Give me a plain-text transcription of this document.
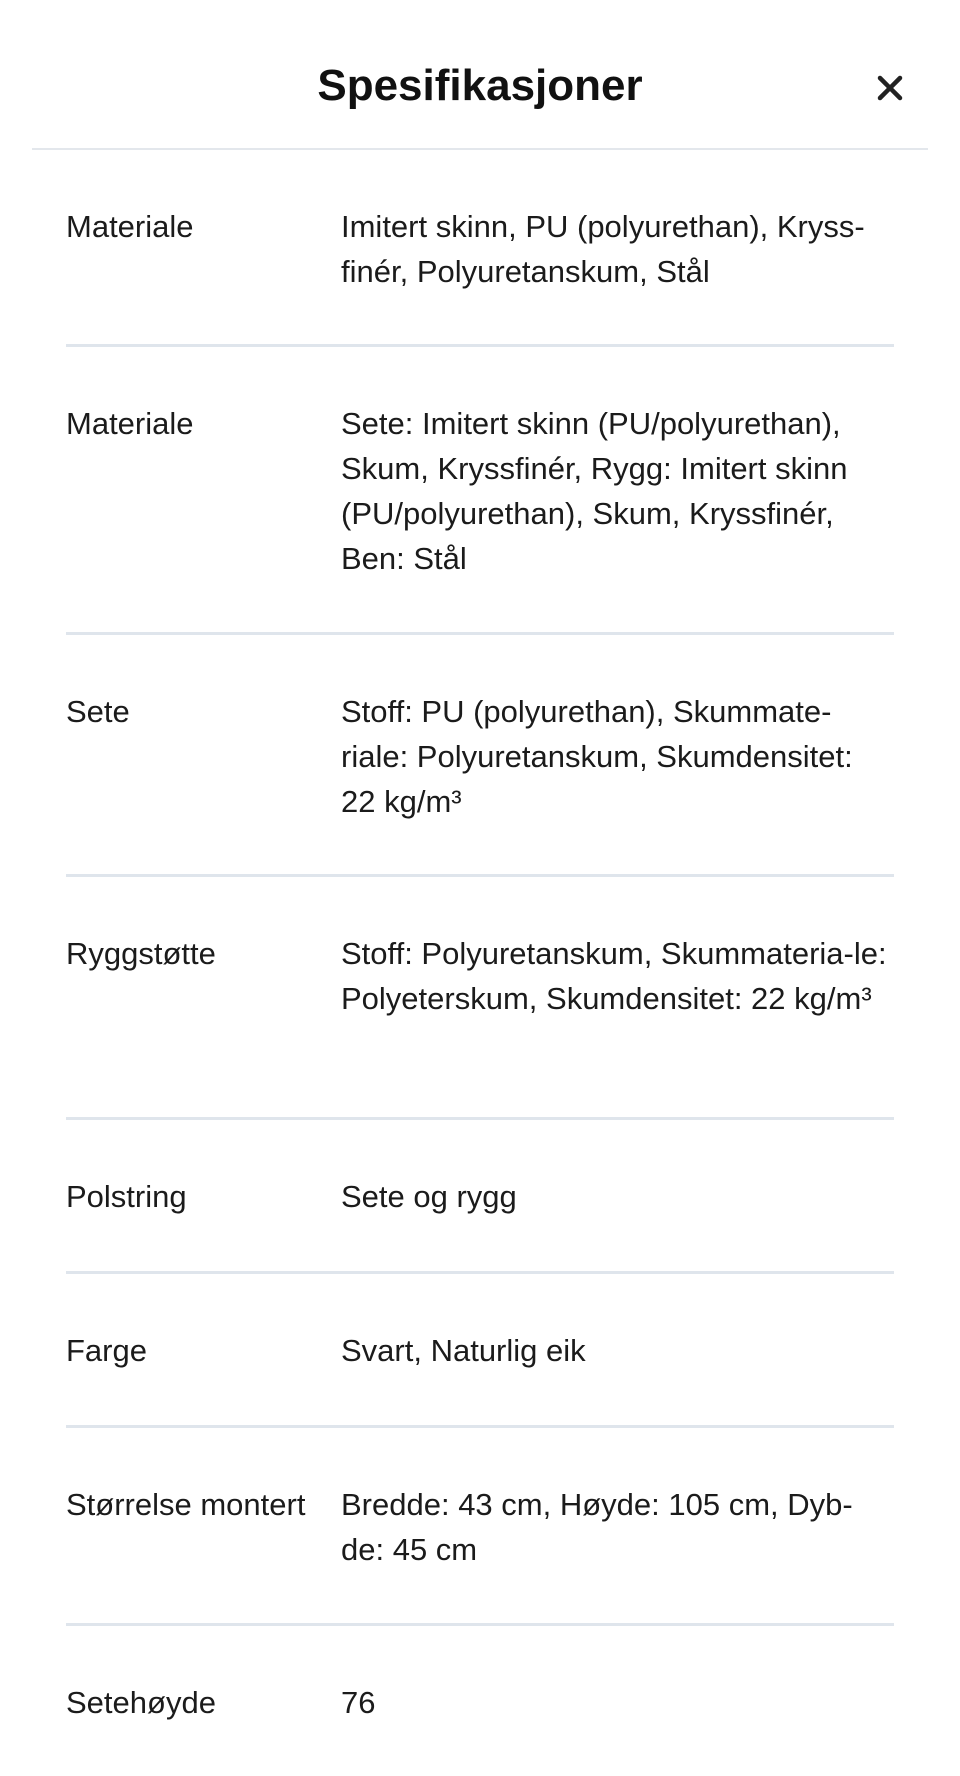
Spesifikasjoner
Materiale	Imitert skinn, PU (polyurethan), Kryss-finér, Polyuretanskum, Stål
Materiale	Sete: Imitert skinn (PU/polyurethan), Skum, Kryssfinér, Rygg: Imitert skinn (PU/polyurethan), Skum, Kryssfinér, Ben: Stål
Sete	Stoff: PU (polyurethan), Skummate-riale: Polyuretanskum, Skumdensitet: 22 kg/m³
Ryggstøtte	Stoff: Polyuretanskum, Skummateria-le: Polyeterskum, Skumdensitet: 22 kg/m³
Polstring	Sete og rygg
Farge	Svart, Naturlig eik
Størrelse montert	Bredde: 43 cm, Høyde: 105 cm, Dyb-de: 45 cm
Setehøyde	76
